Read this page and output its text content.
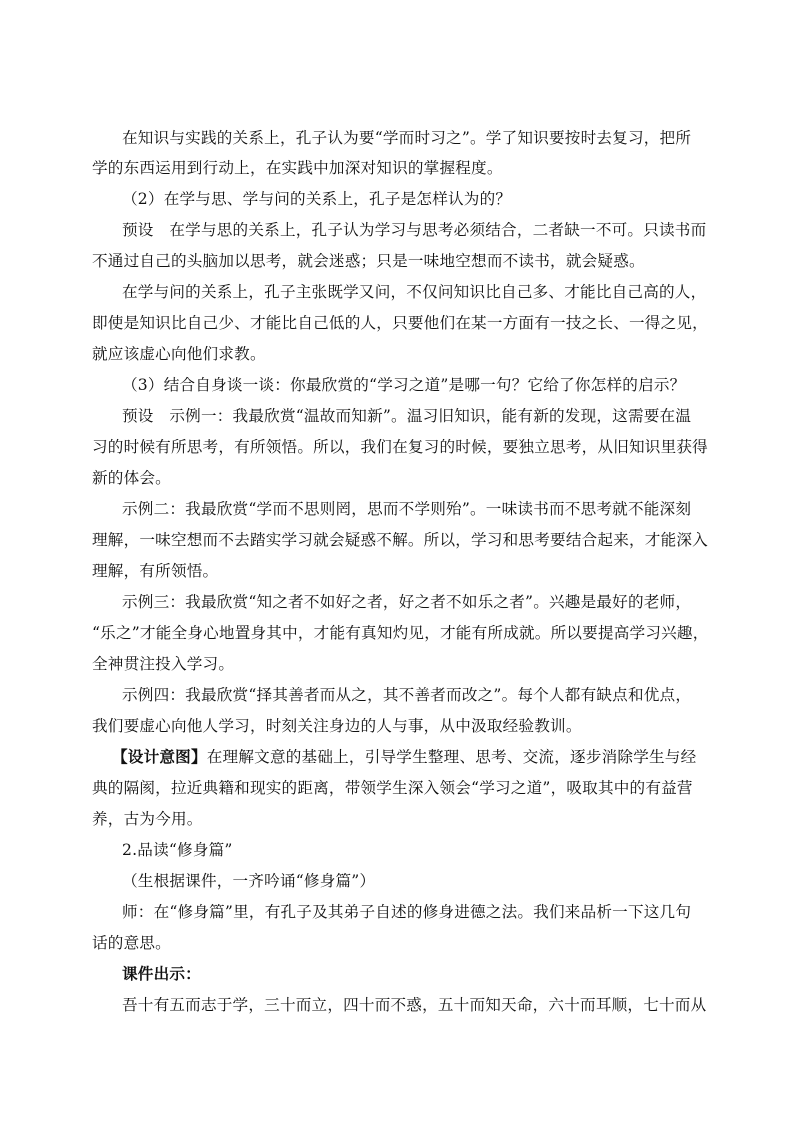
在知识与实践的关系上，孔子认为要“学而时习之”。学了知识要按时去复习，把所
学的东西运用到行动上，在实践中加深对知识的掌握程度。
（2）在学与思、学与问的关系上，孔子是怎样认为的？
预设　在学与思的关系上，孔子认为学习与思考必须结合，二者缺一不可。只读书而
不通过自己的头脑加以思考，就会迷惑；只是一味地空想而不读书，就会疑惑。
在学与问的关系上，孔子主张既学又问，不仅问知识比自己多、才能比自己高的人，
即使是知识比自己少、才能比自己低的人，只要他们在某一方面有一技之长、一得之见，
就应该虚心向他们求教。
（3）结合自身谈一谈：你最欣赏的“学习之道”是哪一句？它给了你怎样的启示？
预设　示例一：我最欣赏“温故而知新”。温习旧知识，能有新的发现，这需要在温
习的时候有所思考，有所领悟。所以，我们在复习的时候，要独立思考，从旧知识里获得
新的体会。
示例二：我最欣赏“学而不思则罔，思而不学则殆”。一味读书而不思考就不能深刻
理解，一味空想而不去踏实学习就会疑惑不解。所以，学习和思考要结合起来，才能深入
理解，有所领悟。
示例三：我最欣赏“知之者不如好之者，好之者不如乐之者”。兴趣是最好的老师，
“乐之”才能全身心地置身其中，才能有真知灼见，才能有所成就。所以要提高学习兴趣，
全神贯注投入学习。
示例四：我最欣赏“择其善者而从之，其不善者而改之”。每个人都有缺点和优点，
我们要虚心向他人学习，时刻关注身边的人与事，从中汲取经验教训。
【设计意图】在理解文意的基础上，引导学生整理、思考、交流，逐步消除学生与经
典的隔阂，拉近典籍和现实的距离，带领学生深入领会“学习之道”，吸取其中的有益营
养，古为今用。
2.品读“修身篇”
（生根据课件，一齐吟诵“修身篇”）
师：在“修身篇”里，有孔子及其弟子自述的修身进德之法。我们来品析一下这几句
话的意思。
课件出示：
吾十有五而志于学，三十而立，四十而不惑，五十而知天命，六十而耳顺，七十而从
